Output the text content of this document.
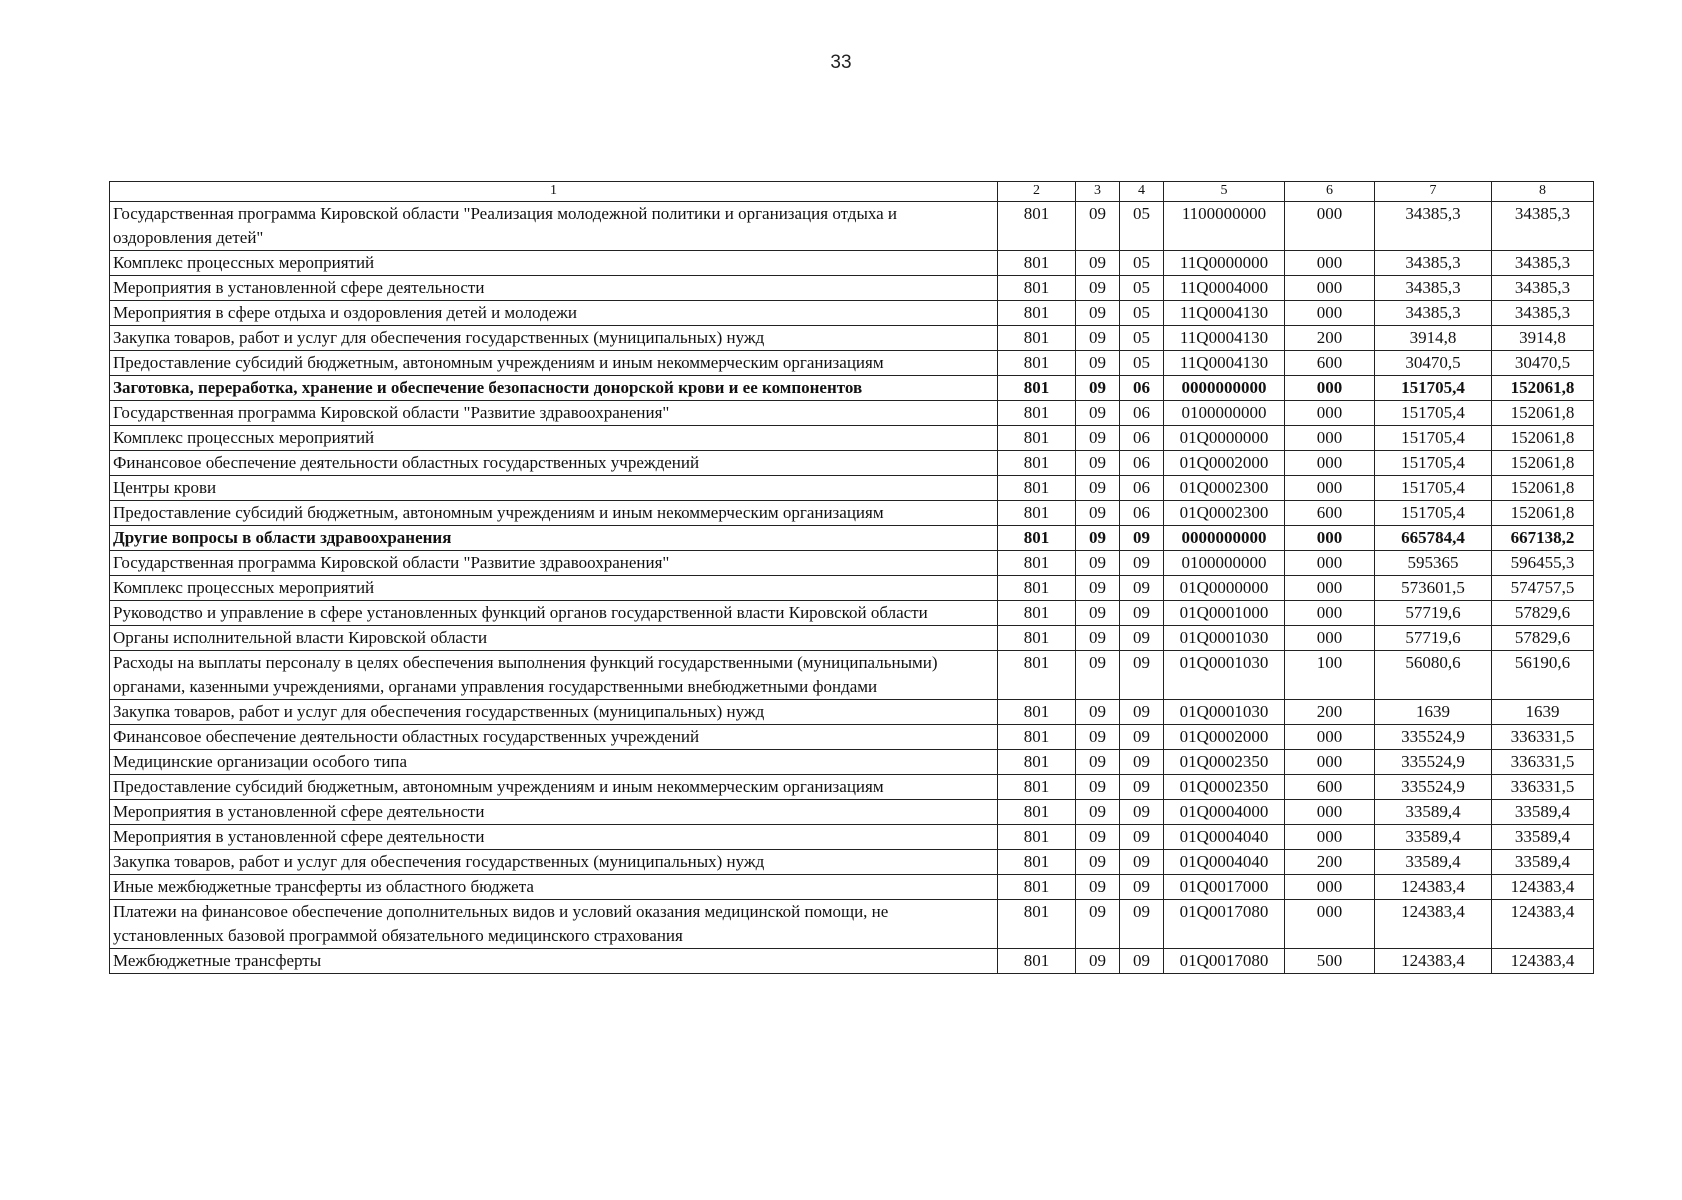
33
1	2	3	4	5	6	7	8
Государственная программа Кировской области "Реализация молодежной политики и организация отдыха и оздоровления детей"	801	09	05	1100000000	000	34385,3	34385,3
Комплекс процессных мероприятий	801	09	05	11Q0000000	000	34385,3	34385,3
Мероприятия в установленной сфере деятельности	801	09	05	11Q0004000	000	34385,3	34385,3
Мероприятия в сфере отдыха и оздоровления детей и молодежи	801	09	05	11Q0004130	000	34385,3	34385,3
Закупка товаров, работ и услуг для обеспечения государственных (муниципальных) нужд	801	09	05	11Q0004130	200	3914,8	3914,8
Предоставление субсидий бюджетным, автономным учреждениям и иным некоммерческим организациям	801	09	05	11Q0004130	600	30470,5	30470,5
Заготовка, переработка, хранение и обеспечение безопасности донорской крови и ее компонентов	801	09	06	0000000000	000	151705,4	152061,8
Государственная программа Кировской области "Развитие здравоохранения"	801	09	06	0100000000	000	151705,4	152061,8
Комплекс процессных мероприятий	801	09	06	01Q0000000	000	151705,4	152061,8
Финансовое обеспечение деятельности областных государственных учреждений	801	09	06	01Q0002000	000	151705,4	152061,8
Центры крови	801	09	06	01Q0002300	000	151705,4	152061,8
Предоставление субсидий бюджетным, автономным учреждениям и иным некоммерческим организациям	801	09	06	01Q0002300	600	151705,4	152061,8
Другие вопросы в области здравоохранения	801	09	09	0000000000	000	665784,4	667138,2
Государственная программа Кировской области "Развитие здравоохранения"	801	09	09	0100000000	000	595365	596455,3
Комплекс процессных мероприятий	801	09	09	01Q0000000	000	573601,5	574757,5
Руководство и управление в сфере установленных функций органов государственной власти Кировской области	801	09	09	01Q0001000	000	57719,6	57829,6
Органы исполнительной власти Кировской области	801	09	09	01Q0001030	000	57719,6	57829,6
Расходы на выплаты персоналу в целях обеспечения выполнения функций государственными (муниципальными) органами, казенными учреждениями, органами управления государственными внебюджетными фондами	801	09	09	01Q0001030	100	56080,6	56190,6
Закупка товаров, работ и услуг для обеспечения государственных (муниципальных) нужд	801	09	09	01Q0001030	200	1639	1639
Финансовое обеспечение деятельности областных государственных учреждений	801	09	09	01Q0002000	000	335524,9	336331,5
Медицинские организации особого типа	801	09	09	01Q0002350	000	335524,9	336331,5
Предоставление субсидий бюджетным, автономным учреждениям и иным некоммерческим организациям	801	09	09	01Q0002350	600	335524,9	336331,5
Мероприятия в установленной сфере деятельности	801	09	09	01Q0004000	000	33589,4	33589,4
Мероприятия в установленной сфере деятельности	801	09	09	01Q0004040	000	33589,4	33589,4
Закупка товаров, работ и услуг для обеспечения государственных (муниципальных) нужд	801	09	09	01Q0004040	200	33589,4	33589,4
Иные межбюджетные трансферты из областного бюджета	801	09	09	01Q0017000	000	124383,4	124383,4
Платежи на финансовое обеспечение дополнительных видов и условий оказания медицинской помощи, не установленных базовой программой обязательного медицинского страхования	801	09	09	01Q0017080	000	124383,4	124383,4
Межбюджетные трансферты	801	09	09	01Q0017080	500	124383,4	124383,4
